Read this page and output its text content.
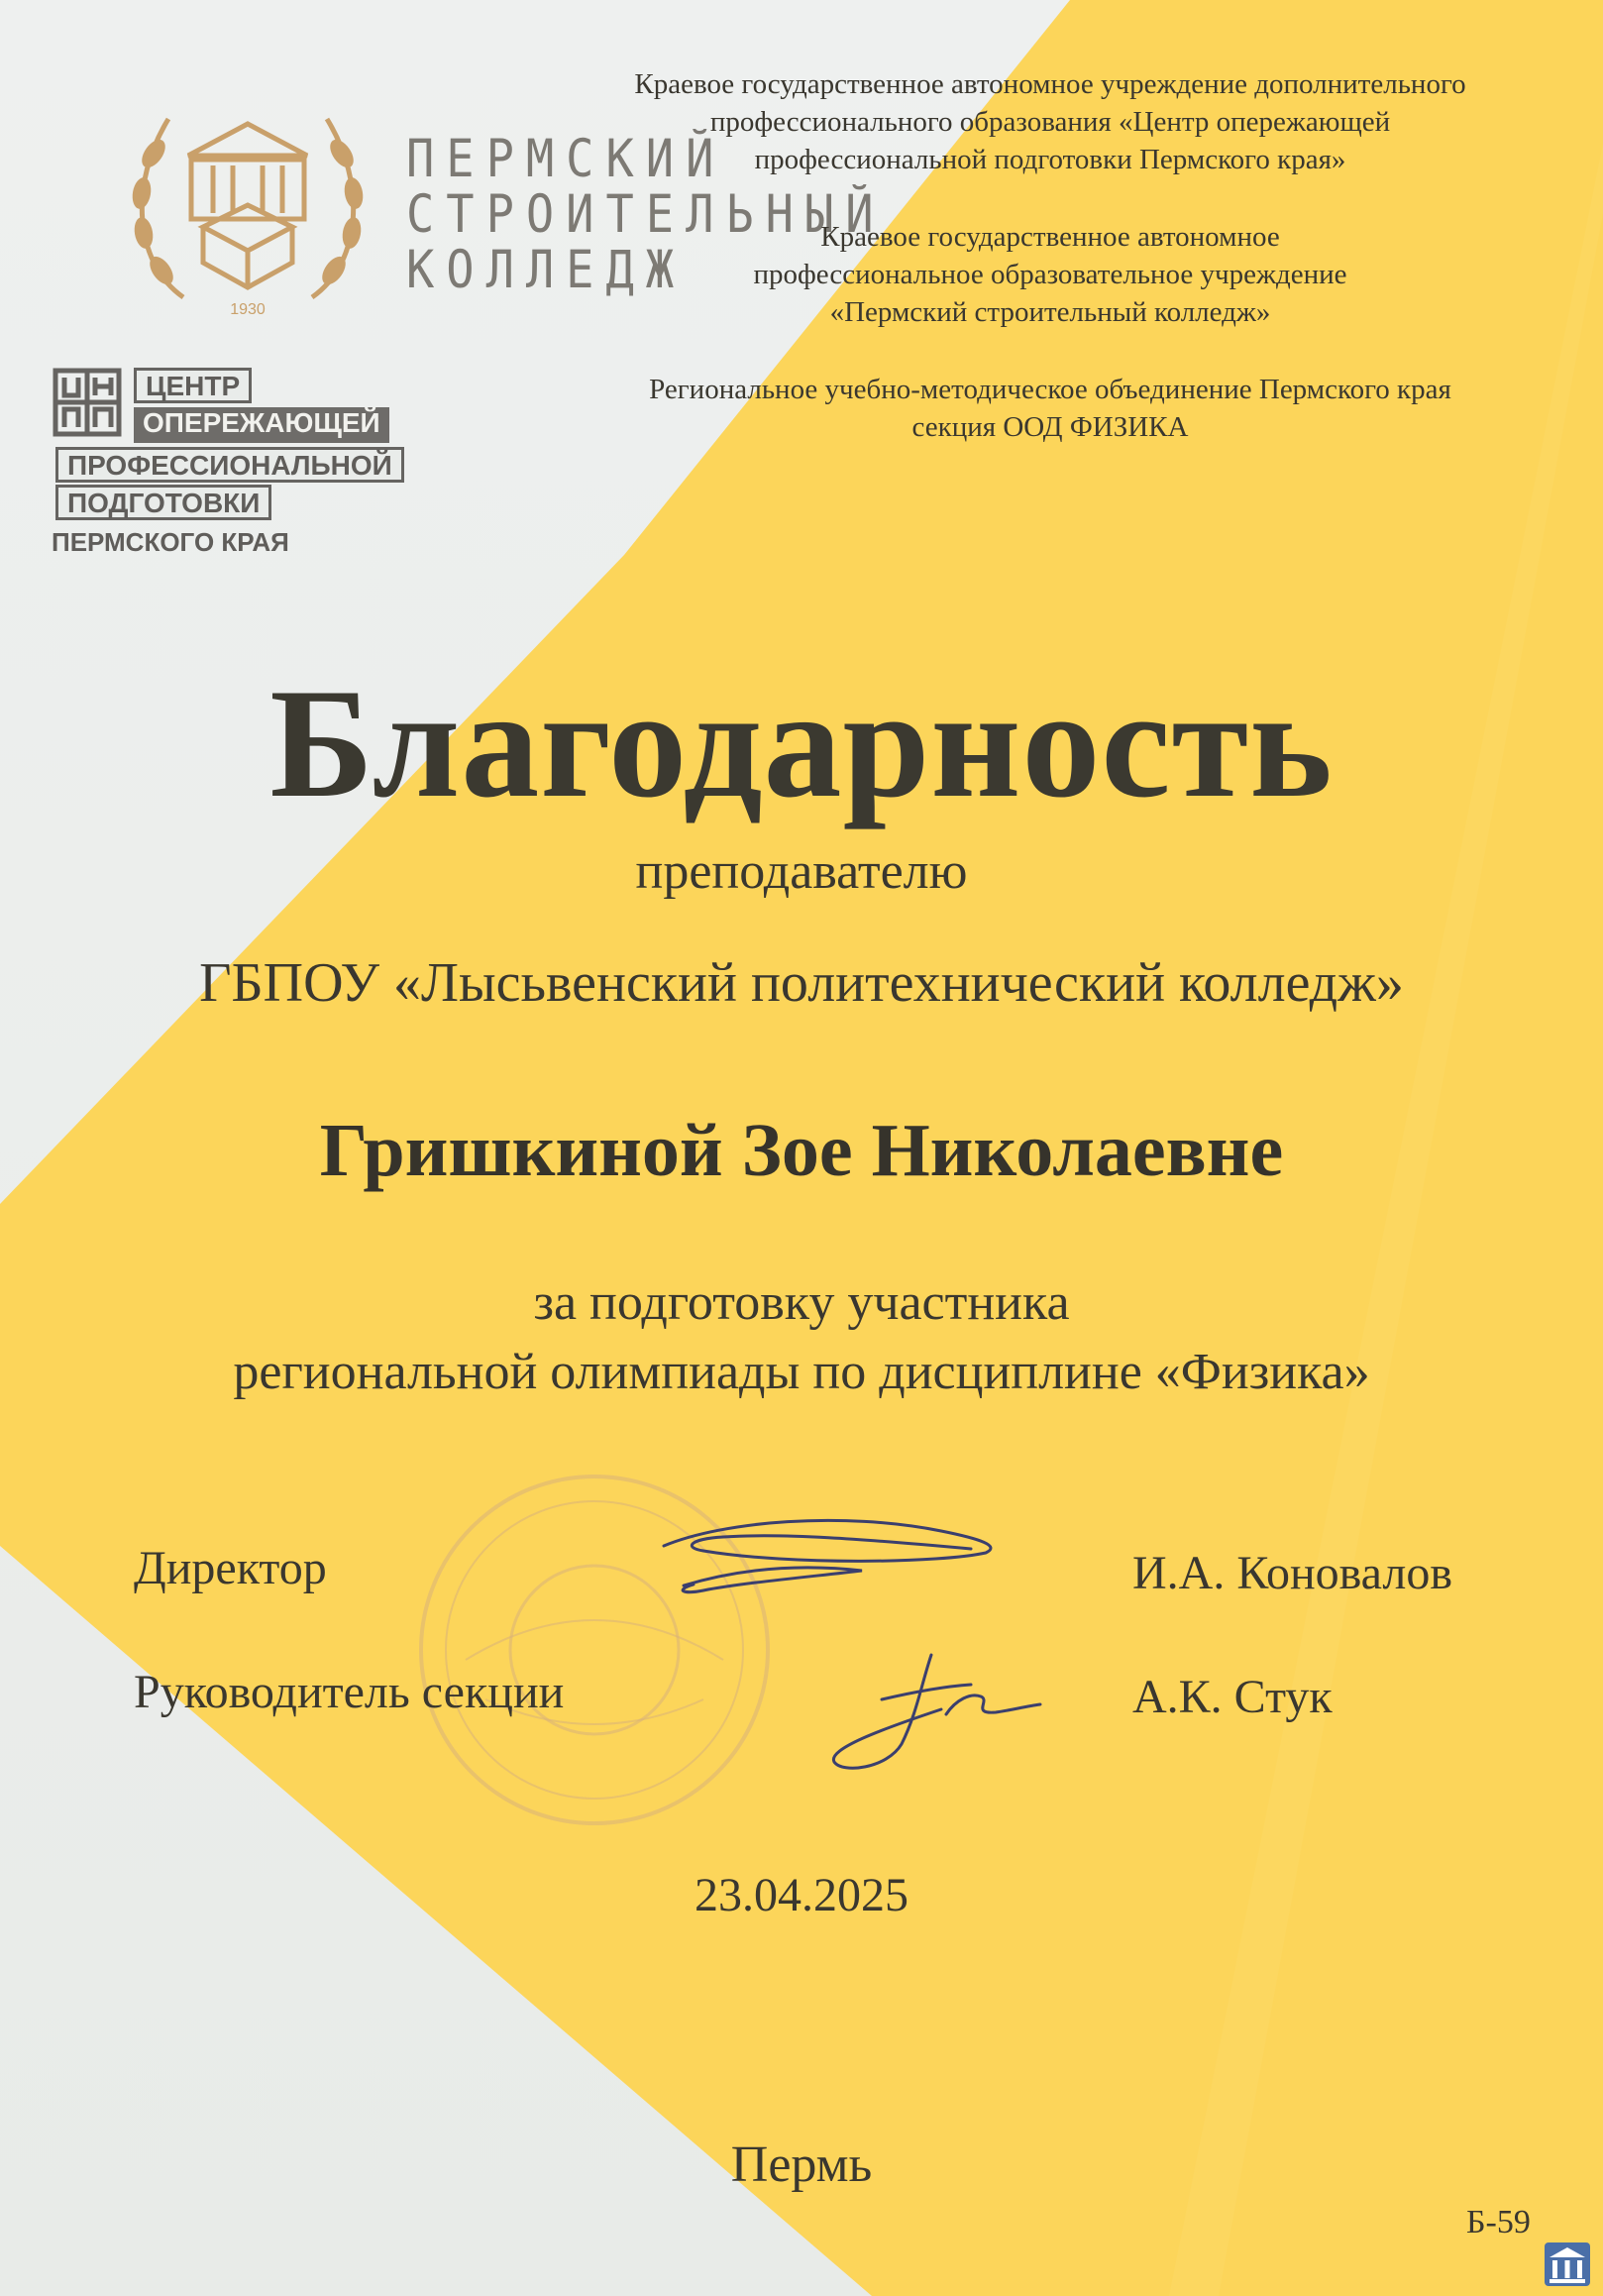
1930
ПЕРМСКИЙ
СТРОИТЕЛЬНЫЙ
КОЛЛЕДЖ
ЦЕНТР
ОПЕРЕЖАЮЩЕЙ
ПРОФЕССИОНАЛЬНОЙ
ПОДГОТОВКИ
ПЕРМСКОГО КРАЯ
Краевое государственное автономное учреждение дополнительного
профессионального образования «Центр опережающей
профессиональной подготовки Пермского края»
Краевое государственное автономное
профессиональное образовательное учреждение
«Пермский строительный колледж»
Региональное учебно-методическое объединение Пермского края
секция ООД ФИЗИКА
Благодарность
преподавателю
ГБПОУ «Лысьвенский политехнический колледж»
Гришкиной Зое Николаевне
за подготовку участника
региональной олимпиады по дисциплине «Физика»
Директор
Руководитель секции
И.А. Коновалов
А.К. Стук
23.04.2025
Пермь
Б-59
